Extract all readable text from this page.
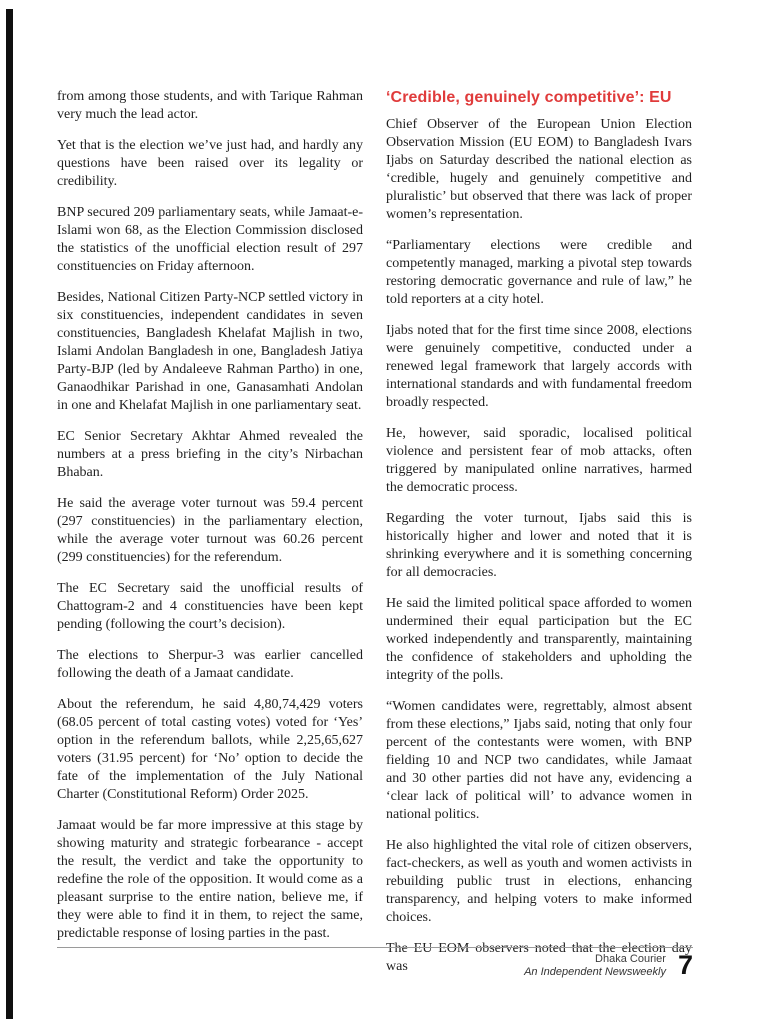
from among those students, and with Tarique Rahman very much the lead actor.

Yet that is the election we’ve just had, and hardly any questions have been raised over its legality or credibility.

BNP secured 209 parliamentary seats, while Jamaat-e-Islami won 68, as the Election Commission disclosed the statistics of the unofficial election result of 297 constituencies on Friday afternoon.

Besides, National Citizen Party-NCP settled victory in six constituencies, independent candidates in seven constituencies, Bangladesh Khelafat Majlish in two, Islami Andolan Bangladesh in one, Bangladesh Jatiya Party-BJP (led by Andaleeve Rahman Partho) in one, Ganaodhikar Parishad in one, Ganasamhati Andolan in one and Khelafat Majlish in one parliamentary seat.

EC Senior Secretary Akhtar Ahmed revealed the numbers at a press briefing in the city’s Nirbachan Bhaban.

He said the average voter turnout was 59.4 percent (297 constituencies) in the parliamentary election, while the average voter turnout was 60.26 percent (299 constituencies) for the referendum.

The EC Secretary said the unofficial results of Chattogram-2 and 4 constituencies have been kept pending (following the court’s decision).

The elections to Sherpur-3 was earlier cancelled following the death of a Jamaat candidate.

About the referendum, he said 4,80,74,429 voters (68.05 percent of total casting votes) voted for ‘Yes’ option in the referendum ballots, while 2,25,65,627 voters (31.95 percent) for ‘No’ option to decide the fate of the implementation of the July National Charter (Constitutional Reform) Order 2025.

Jamaat would be far more impressive at this stage by showing maturity and strategic forbearance - accept the result, the verdict and take the opportunity to redefine the role of the opposition. It would come as a pleasant surprise to the entire nation, believe me, if they were able to find it in them, to reject the same, predictable response of losing parties in the past.

‘Credible, genuinely competitive’: EU

Chief Observer of the European Union Election Observation Mission (EU EOM) to Bangladesh Ivars Ijabs on Saturday described the national election as ‘credible, hugely and genuinely competitive and pluralistic’ but observed that there was lack of proper women’s representation.

“Parliamentary elections were credible and competently managed, marking a pivotal step towards restoring democratic governance and rule of law,” he told reporters at a city hotel.

Ijabs noted that for the first time since 2008, elections were genuinely competitive, conducted under a renewed legal framework that largely accords with international standards and with fundamental freedom broadly respected.

He, however, said sporadic, localised political violence and persistent fear of mob attacks, often triggered by manipulated online narratives, harmed the democratic process.

Regarding the voter turnout, Ijabs said this is historically higher and lower and noted that it is shrinking everywhere and it is something concerning for all democracies.

He said the limited political space afforded to women undermined their equal participation but the EC worked independently and transparently, maintaining the confidence of stakeholders and upholding the integrity of the polls.

“Women candidates were, regrettably, almost absent from these elections,” Ijabs said, noting that only four percent of the contestants were women, with BNP fielding 10 and NCP two candidates, while Jamaat and 30 other parties did not have any, evidencing a ‘clear lack of political will’ to advance women in national politics.

He also highlighted the vital role of citizen observers, fact-checkers, as well as youth and women activists in rebuilding public trust in elections, enhancing transparency, and helping voters to make informed choices.

The EU EOM observers noted that the election day was

Dhaka Courier
An Independent Newsweekly 7
